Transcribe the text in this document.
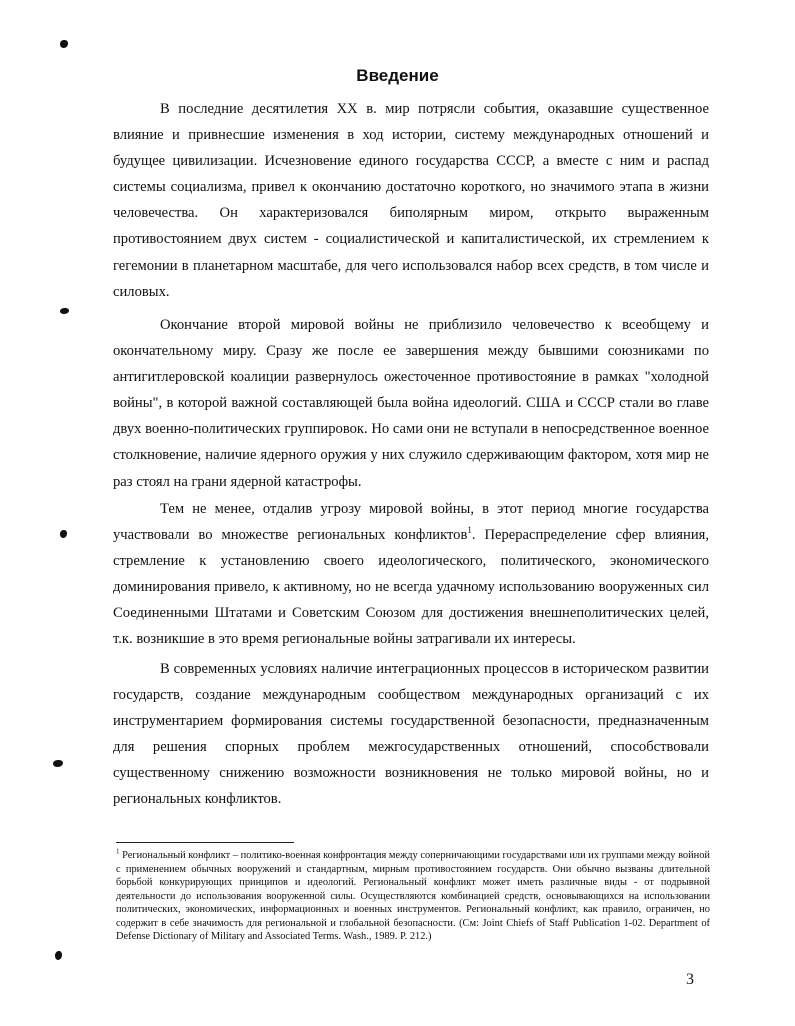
Введение

В последние десятилетия XX в. мир потрясли события, оказавшие существенное влияние и привнесшие изменения в ход истории, систему международных отношений и будущее цивилизации. Исчезновение единого государства СССР, а вместе с ним и распад системы социализма, привел к окончанию достаточно короткого, но значимого этапа в жизни человечества. Он характеризовался биполярным миром, открыто выраженным противостоянием двух систем - социалистической и капиталистической, их стремлением к гегемонии в планетарном масштабе, для чего использовался набор всех средств, в том числе и силовых.

Окончание второй мировой войны не приблизило человечество к всеобщему и окончательному миру. Сразу же после ее завершения между бывшими союзниками по антигитлеровской коалиции развернулось ожесточенное противостояние в рамках "холодной войны", в которой важной составляющей была война идеологий. США и СССР стали во главе двух военно-политических группировок. Но сами они не вступали в непосредственное военное столкновение, наличие ядерного оружия у них служило сдерживающим фактором, хотя мир не раз стоял на грани ядерной катастрофы.

Тем не менее, отдалив угрозу мировой войны, в этот период многие государства участвовали во множестве региональных конфликтов$^1$. Перераспределение сфер влияния, стремление к установлению своего идеологического, политического, экономического доминирования привело, к активному, но не всегда удачному использованию вооруженных сил Соединенными Штатами и Советским Союзом для достижения внешнеполитических целей, т.к. возникшие в это время региональные войны затрагивали их интересы.

В современных условиях наличие интеграционных процессов в историческом развитии государств, создание международным сообществом международных организаций с их инструментарием формирования системы государственной безопасности, предназначенным для решения спорных проблем межгосударственных отношений, способствовали существенному снижению возможности возникновения не только мировой войны, но и региональных конфликтов.

$^1$ Региональный конфликт – политико-военная конфронтация между соперничающими государствами или их группами между войной с применением обычных вооружений и стандартным, мирным противостоянием государств. Они обычно вызваны длительной борьбой конкурирующих принципов и идеологий. Региональный конфликт может иметь различные виды - от подрывной деятельности до использования вооруженной силы. Осуществляются комбинацией средств, основывающихся на использовании политических, экономических, информационных и военных инструментов. Региональный конфликт, как правило, ограничен, но содержит в себе значимость для региональной и глобальной безопасности. (См: Joint Chiefs of Staff Publication 1-02. Department of Defense Dictionary of Military and Associated Terms. Wash., 1989. P. 212.)

3
